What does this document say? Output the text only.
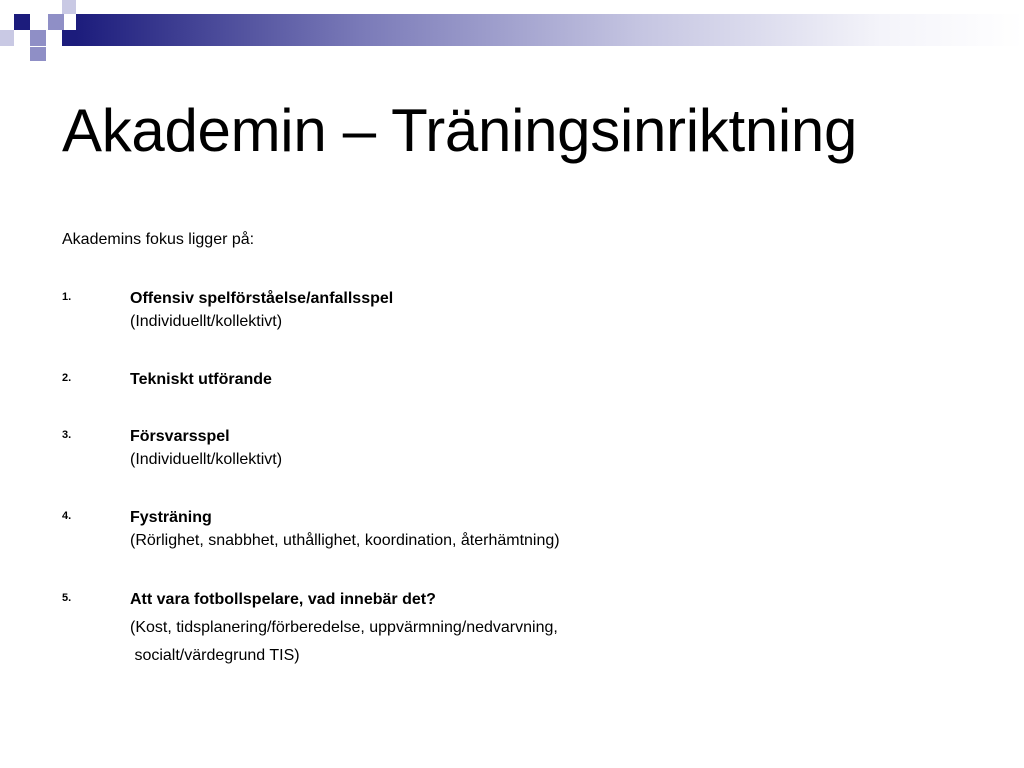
Akademin – Träningsinriktning
Akademins fokus ligger på:
1.	Offensiv spelförståelse/anfallsspel
(Individuellt/kollektivt)
2.	Tekniskt utförande
3.	Försvarsspel
(Individuellt/kollektivt)
4.	Fysträning
(Rörlighet, snabbhet, uthållighet, koordination, återhämtning)
5.	Att vara fotbollspelare, vad innebär det?
(Kost, tidsplanering/förberedelse, uppvärmning/nedvarvning,
socialt/värdegrund TIS)
